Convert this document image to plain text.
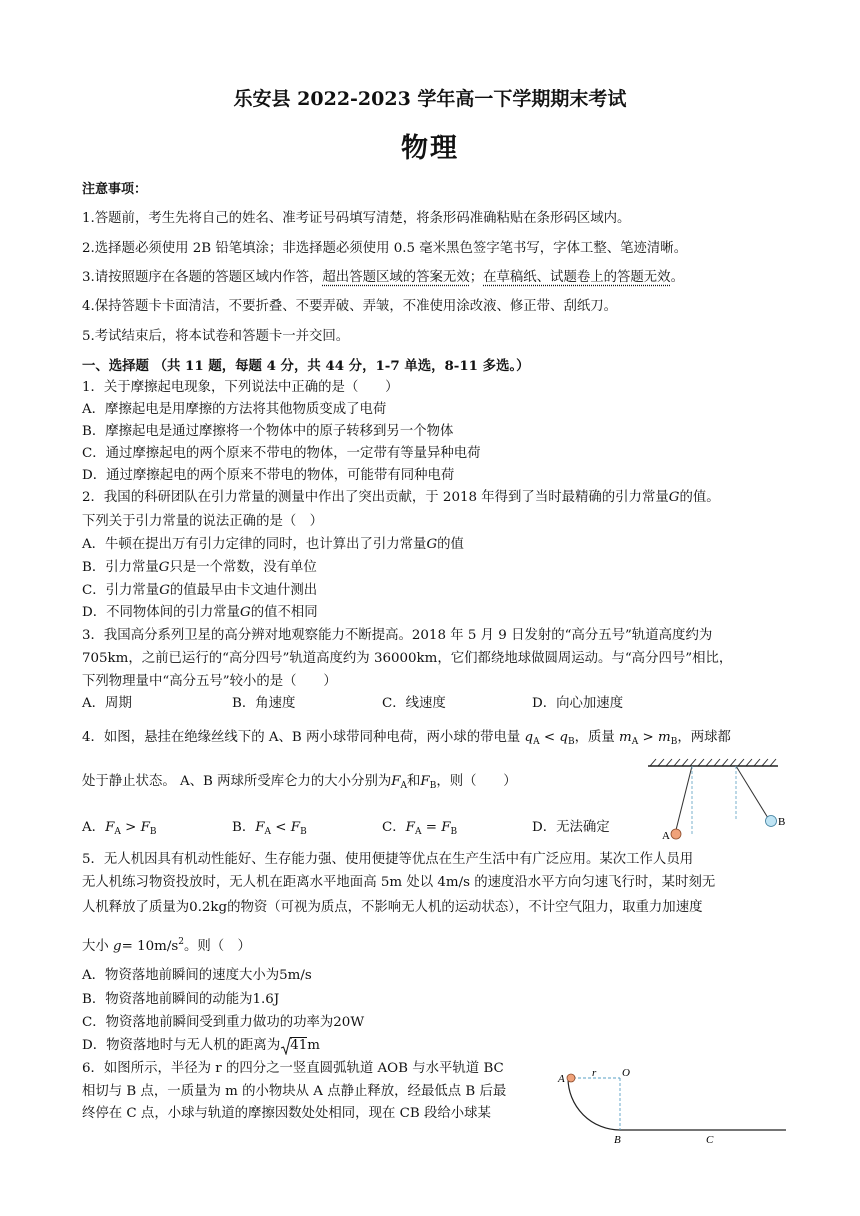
乐安县 2022-2023 学年高一下学期期末考试
物理
注意事项：
1.答题前，考生先将自己的姓名、准考证号码填写清楚，将条形码准确粘贴在条形码区域内。
2.选择题必须使用 2B 铅笔填涂；非选择题必须使用 0.5 毫米黑色签字笔书写，字体工整、笔迹清晰。
3.请按照题序在各题的答题区域内作答，超出答题区域的答案无效；在草稿纸、试题卷上的答题无效。
4.保持答题卡卡面清洁，不要折叠、不要弄破、弄皱，不准使用涂改液、修正带、刮纸刀。
5.考试结束后，将本试卷和答题卡一并交回。
一、选择题 （共 11 题，每题 4 分，共 44 分，1-7 单选，8-11 多选。）
1．关于摩擦起电现象，下列说法中正确的是（　　）
A．摩擦起电是用摩擦的方法将其他物质变成了电荷
B．摩擦起电是通过摩擦将一个物体中的原子转移到另一个物体
C．通过摩擦起电的两个原来不带电的物体，一定带有等量异种电荷
D．通过摩擦起电的两个原来不带电的物体，可能带有同种电荷
2．我国的科研团队在引力常量的测量中作出了突出贡献，于 2018 年得到了当时最精确的引力常量G的值。
下列关于引力常量的说法正确的是（　）
A．牛顿在提出万有引力定律的同时，也计算出了引力常量G的值
B．引力常量G只是一个常数，没有单位
C．引力常量G的值最早由卡文迪什测出
D．不同物体间的引力常量G的值不相同
3．我国高分系列卫星的高分辨对地观察能力不断提高。2018 年 5 月 9 日发射的“高分五号”轨道高度约为
705km，之前已运行的“高分四号”轨道高度约为 36000km，它们都绕地球做圆周运动。与“高分四号”相比，
下列物理量中“高分五号”较小的是（　　）
A．周期	B．角速度	C．线速度	D．向心加速度
4．如图，悬挂在绝缘丝线下的 A、B 两小球带同种电荷，两小球的带电量 $q_A < q_B$，质量 $m_A > m_B$，两球都
处于静止状态。 A、B 两球所受库仑力的大小分别为$F_A$和$F_B$，则（　　）
A．$F_A > F_B$	B．$F_A < F_B$	C．$F_A = F_B$	D．无法确定
A
B
5．无人机因具有机动性能好、生存能力强、使用便捷等优点在生产生活中有广泛应用。某次工作人员用
无人机练习物资投放时，无人机在距离水平地面高 5m 处以 4m/s 的速度沿水平方向匀速飞行时，某时刻无
人机释放了质量为0.2kg的物资（可视为质点，不影响无人机的运动状态），不计空气阻力，取重力加速度
大小 $g= 10m/s^2$。则（　）
A．物资落地前瞬间的速度大小为5m/s
B．物资落地前瞬间的动能为1.6J
C．物资落地前瞬间受到重力做功的功率为20W
D．物资落地时与无人机的距离为 41m
6．如图所示，半径为 r 的四分之一竖直圆弧轨道 AOB 与水平轨道 BC
相切与 B 点，一质量为 m 的小物块从 A 点静止释放，经最低点 B 后最
终停在 C 点，小球与轨道的摩擦因数处处相同，现在 CB 段给小球某
A r O
B	C
